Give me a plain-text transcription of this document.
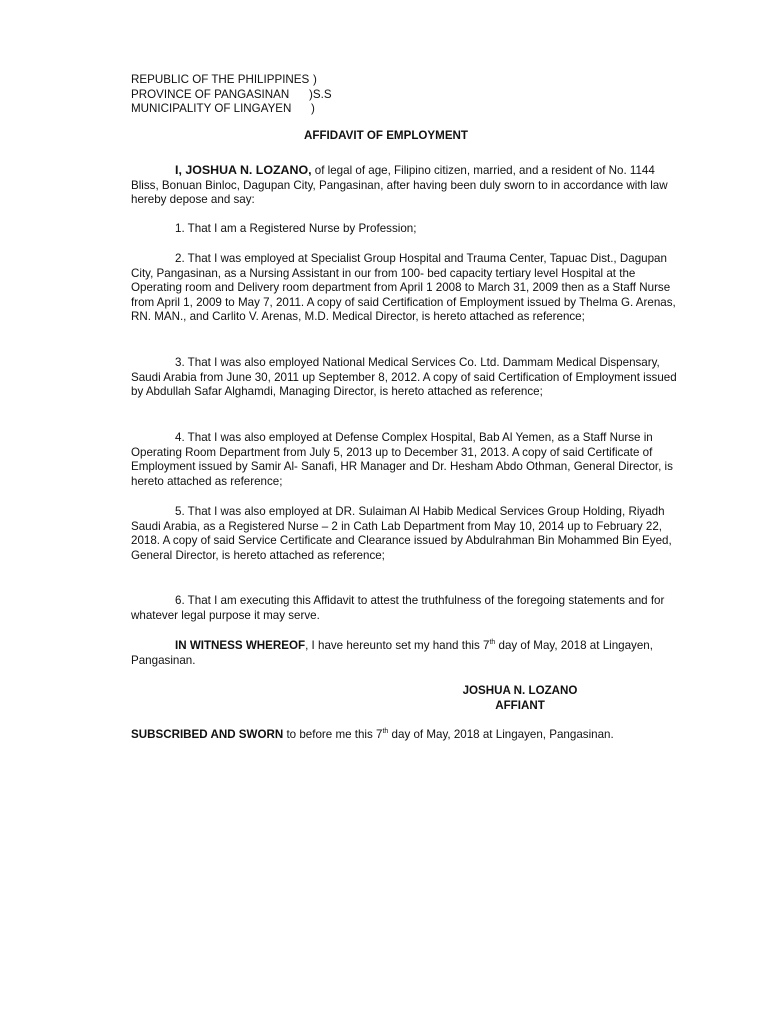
REPUBLIC OF THE PHILIPPINES )
PROVINCE OF PANGASINAN )S.S
MUNICIPALITY OF LINGAYEN )
AFFIDAVIT OF EMPLOYMENT

I, JOSHUA N. LOZANO, of legal of age, Filipino citizen, married, and a resident of No. 1144 Bliss, Bonuan Binloc, Dagupan City, Pangasinan, after having been duly sworn to in accordance with law hereby depose and say:

1. That I am a Registered Nurse by Profession;

2. That I was employed at Specialist Group Hospital and Trauma Center, Tapuac Dist., Dagupan City, Pangasinan, as a Nursing Assistant in our from 100- bed capacity tertiary level Hospital at the Operating room and Delivery room department from April 1 2008 to March 31, 2009 then as a Staff Nurse from April 1, 2009 to May 7, 2011. A copy of said Certification of Employment issued by Thelma G. Arenas, RN. MAN., and Carlito V. Arenas, M.D. Medical Director, is hereto attached as reference;

3. That I was also employed National Medical Services Co. Ltd. Dammam Medical Dispensary, Saudi Arabia from June 30, 2011 up September 8, 2012. A copy of said Certification of Employment issued by Abdullah Safar Alghamdi, Managing Director, is hereto attached as reference;

4. That I was also employed at Defense Complex Hospital, Bab Al Yemen, as a Staff Nurse in Operating Room Department from July 5, 2013 up to December 31, 2013. A copy of said Certificate of Employment issued by Samir Al- Sanafi, HR Manager and Dr. Hesham Abdo Othman, General Director, is hereto attached as reference;

5. That I was also employed at DR. Sulaiman Al Habib Medical Services Group Holding, Riyadh Saudi Arabia, as a Registered Nurse – 2 in Cath Lab Department from May 10, 2014 up to February 22, 2018. A copy of said Service Certificate and Clearance issued by Abdulrahman Bin Mohammed Bin Eyed, General Director, is hereto attached as reference;

6. That I am executing this Affidavit to attest the truthfulness of the foregoing statements and for whatever legal purpose it may serve.

IN WITNESS WHEREOF, I have hereunto set my hand this 7th day of May, 2018 at Lingayen, Pangasinan.

JOSHUA N. LOZANO
AFFIANT

SUBSCRIBED AND SWORN to before me this 7th day of May, 2018 at Lingayen, Pangasinan.
